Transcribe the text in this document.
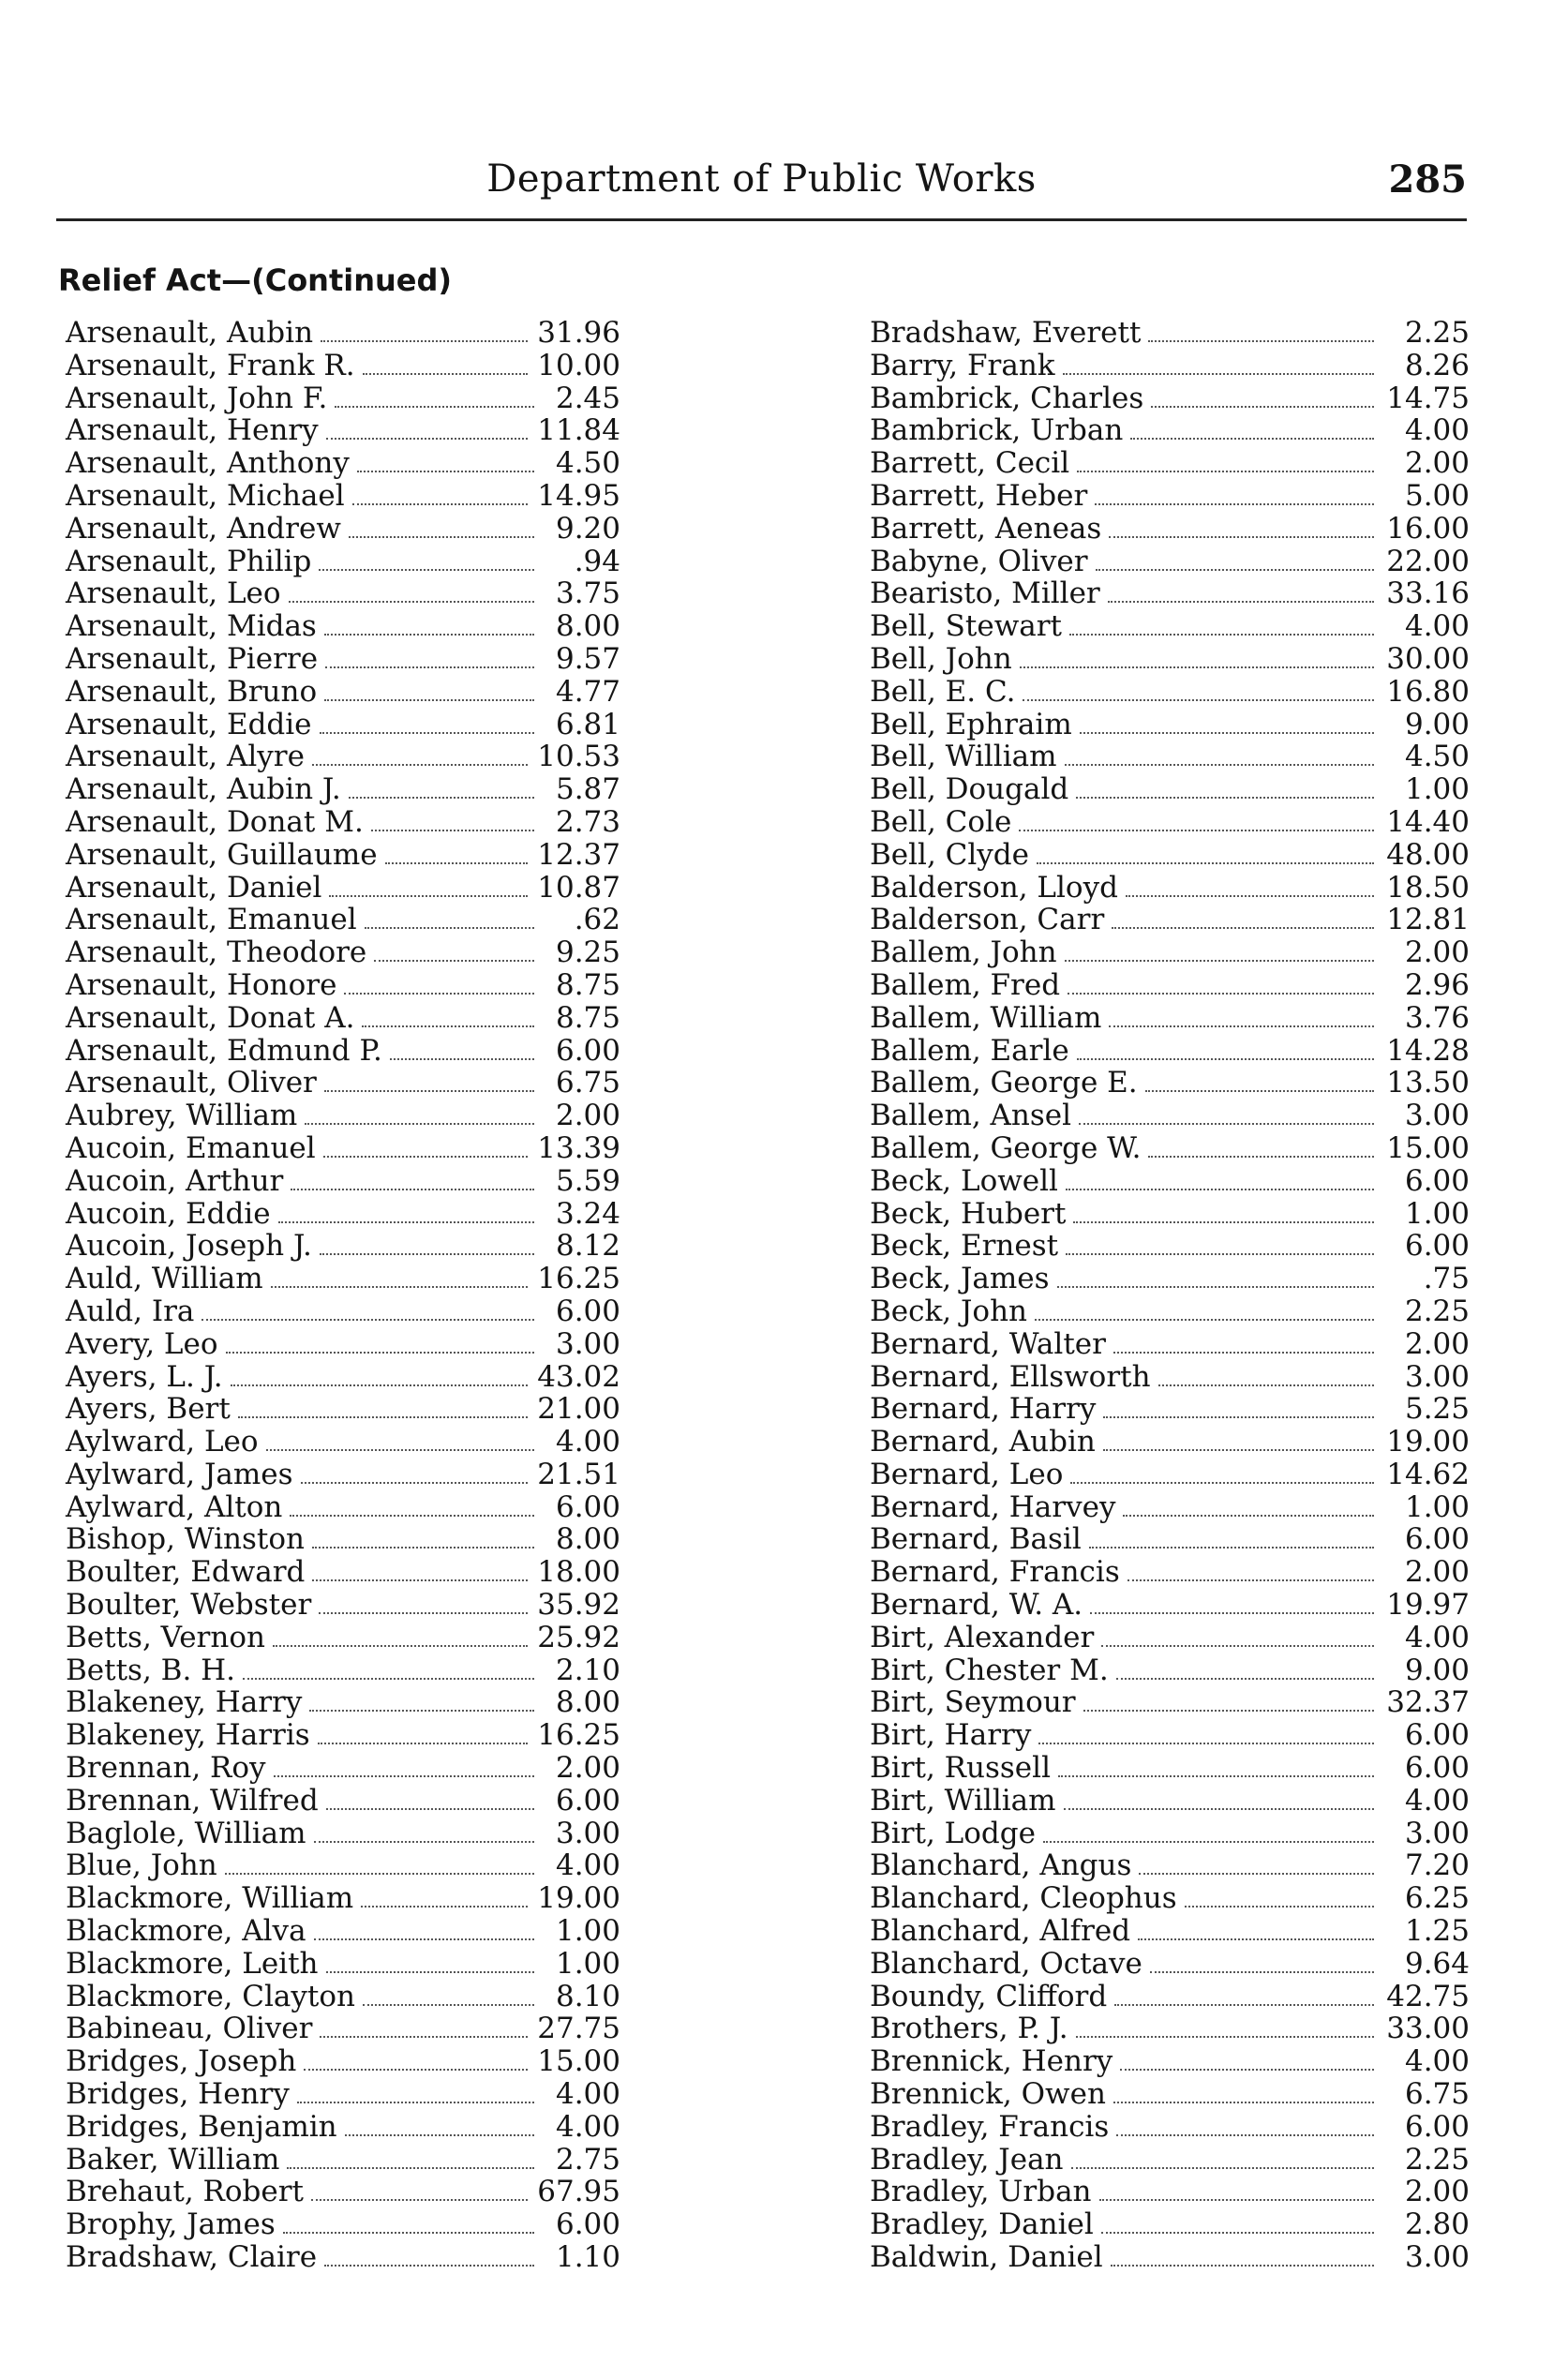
Department of Public Works	285
Relief Act—(Continued)
Arsenault, Aubin	31.96
Arsenault, Frank R.	10.00
Arsenault, John F.	2.45
Arsenault, Henry	11.84
Arsenault, Anthony	4.50
Arsenault, Michael	14.95
Arsenault, Andrew	9.20
Arsenault, Philip	.94
Arsenault, Leo	3.75
Arsenault, Midas	8.00
Arsenault, Pierre	9.57
Arsenault, Bruno	4.77
Arsenault, Eddie	6.81
Arsenault, Alyre	10.53
Arsenault, Aubin J.	5.87
Arsenault, Donat M.	2.73
Arsenault, Guillaume	12.37
Arsenault, Daniel	10.87
Arsenault, Emanuel	.62
Arsenault, Theodore	9.25
Arsenault, Honore	8.75
Arsenault, Donat A.	8.75
Arsenault, Edmund P.	6.00
Arsenault, Oliver	6.75
Aubrey, William	2.00
Aucoin, Emanuel	13.39
Aucoin, Arthur	5.59
Aucoin, Eddie	3.24
Aucoin, Joseph J.	8.12
Auld, William	16.25
Auld, Ira	6.00
Avery, Leo	3.00
Ayers, L. J.	43.02
Ayers, Bert	21.00
Aylward, Leo	4.00
Aylward, James	21.51
Aylward, Alton	6.00
Bishop, Winston	8.00
Boulter, Edward	18.00
Boulter, Webster	35.92
Betts, Vernon	25.92
Betts, B. H.	2.10
Blakeney, Harry	8.00
Blakeney, Harris	16.25
Brennan, Roy	2.00
Brennan, Wilfred	6.00
Baglole, William	3.00
Blue, John	4.00
Blackmore, William	19.00
Blackmore, Alva	1.00
Blackmore, Leith	1.00
Blackmore, Clayton	8.10
Babineau, Oliver	27.75
Bridges, Joseph	15.00
Bridges, Henry	4.00
Bridges, Benjamin	4.00
Baker, William	2.75
Brehaut, Robert	67.95
Brophy, James	6.00
Bradshaw, Claire	1.10
Bradshaw, Everett	2.25
Barry, Frank	8.26
Bambrick, Charles	14.75
Bambrick, Urban	4.00
Barrett, Cecil	2.00
Barrett, Heber	5.00
Barrett, Aeneas	16.00
Babyne, Oliver	22.00
Bearisto, Miller	33.16
Bell, Stewart	4.00
Bell, John	30.00
Bell, E. C.	16.80
Bell, Ephraim	9.00
Bell, William	4.50
Bell, Dougald	1.00
Bell, Cole	14.40
Bell, Clyde	48.00
Balderson, Lloyd	18.50
Balderson, Carr	12.81
Ballem, John	2.00
Ballem, Fred	2.96
Ballem, William	3.76
Ballem, Earle	14.28
Ballem, George E.	13.50
Ballem, Ansel	3.00
Ballem, George W.	15.00
Beck, Lowell	6.00
Beck, Hubert	1.00
Beck, Ernest	6.00
Beck, James	.75
Beck, John	2.25
Bernard, Walter	2.00
Bernard, Ellsworth	3.00
Bernard, Harry	5.25
Bernard, Aubin	19.00
Bernard, Leo	14.62
Bernard, Harvey	1.00
Bernard, Basil	6.00
Bernard, Francis	2.00
Bernard, W. A.	19.97
Birt, Alexander	4.00
Birt, Chester M.	9.00
Birt, Seymour	32.37
Birt, Harry	6.00
Birt, Russell	6.00
Birt, William	4.00
Birt, Lodge	3.00
Blanchard, Angus	7.20
Blanchard, Cleophus	6.25
Blanchard, Alfred	1.25
Blanchard, Octave	9.64
Boundy, Clifford	42.75
Brothers, P. J.	33.00
Brennick, Henry	4.00
Brennick, Owen	6.75
Bradley, Francis	6.00
Bradley, Jean	2.25
Bradley, Urban	2.00
Bradley, Daniel	2.80
Baldwin, Daniel	3.00
